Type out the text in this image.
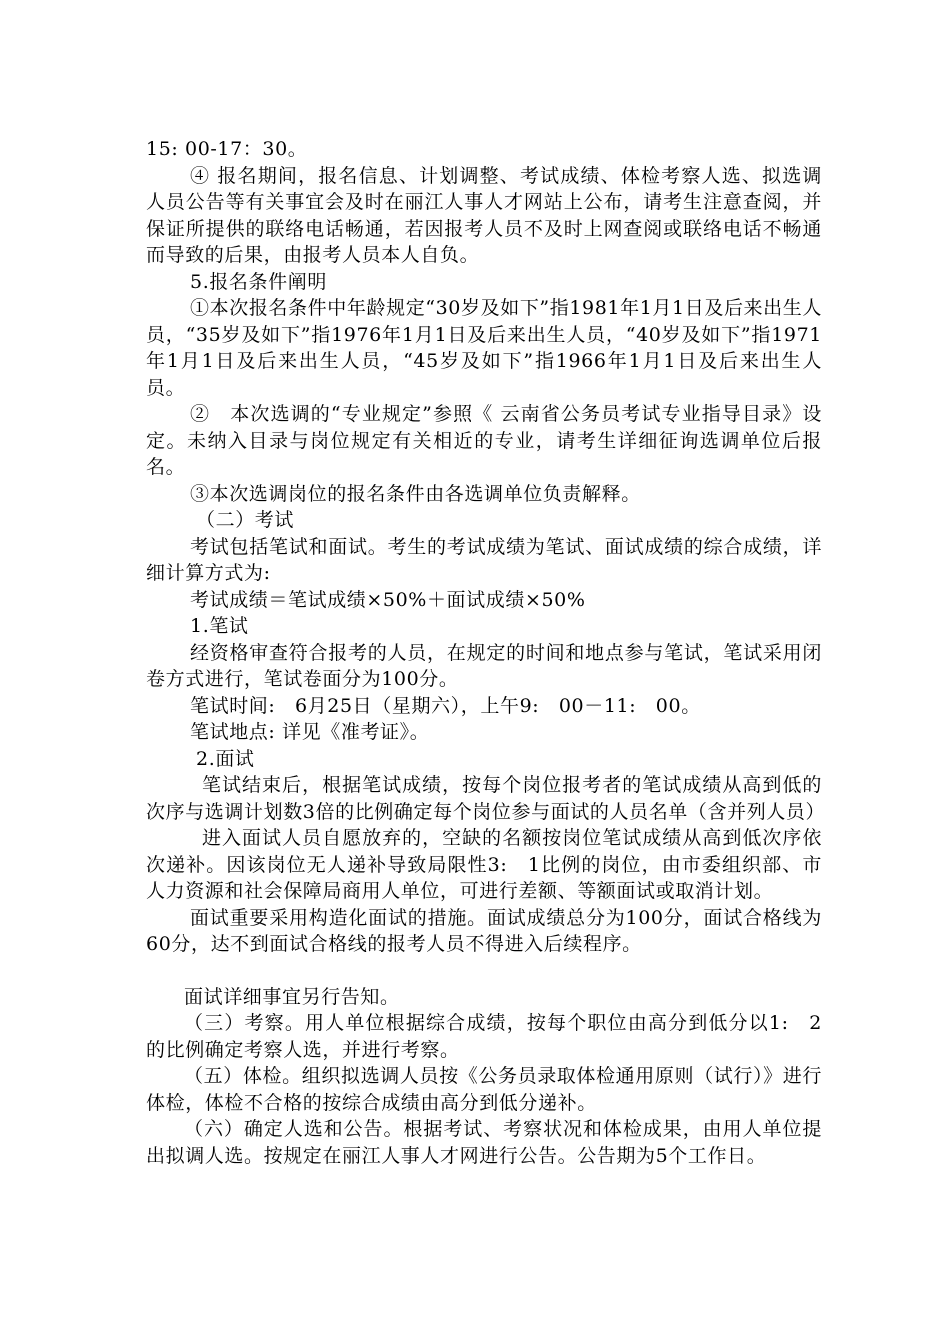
15: 00-17：30。

④ 报名期间，报名信息、计划调整、考试成绩、体检考察人选、拟选调人员公告等有关事宜会及时在丽江人事人才网站上公布，请考生注意查阅，并保证所提供的联络电话畅通，若因报考人员不及时上网查阅或联络电话不畅通而导致的后果，由报考人员本人自负。

5.报名条件阐明

①本次报名条件中年龄规定“30岁及如下”指1981年1月1日及后来出生人员，“35岁及如下”指1976年1月1日及后来出生人员，“40岁及如下”指1971年1月1日及后来出生人员，“45岁及如下”指1966年1月1日及后来出生人员。

②　本次选调的“专业规定”参照《 云南省公务员考试专业指导目录》设定。未纳入目录与岗位规定有关相近的专业，请考生详细征询选调单位后报名。

③本次选调岗位的报名条件由各选调单位负责解释。

（二）考试

考试包括笔试和面试。考生的考试成绩为笔试、面试成绩的综合成绩，详细计算方式为:

考试成绩＝笔试成绩×50%＋面试成绩×50%

1.笔试

经资格审查符合报考的人员，在规定的时间和地点参与笔试，笔试采用闭卷方式进行，笔试卷面分为100分。

笔试时间:　6月25日（星期六），上午9:　00－11:　00。

笔试地点: 详见《准考证》。

2.面试

笔试结束后，根据笔试成绩，按每个岗位报考者的笔试成绩从高到低的次序与选调计划数3倍的比例确定每个岗位参与面试的人员名单（含并列人员）

进入面试人员自愿放弃的，空缺的名额按岗位笔试成绩从高到低次序依次递补。因该岗位无人递补导致局限性3:　1比例的岗位，由市委组织部、市人力资源和社会保障局商用人单位，可进行差额、等额面试或取消计划。

面试重要采用构造化面试的措施。面试成绩总分为100分，面试合格线为60分，达不到面试合格线的报考人员不得进入后续程序。

面试详细事宜另行告知。

（三）考察。用人单位根据综合成绩，按每个职位由高分到低分以1:　2的比例确定考察人选，并进行考察。

（五）体检。组织拟选调人员按《公务员录取体检通用原则（试行）》进行体检，体检不合格的按综合成绩由高分到低分递补。

（六）确定人选和公告。根据考试、考察状况和体检成果，由用人单位提出拟调人选。按规定在丽江人事人才网进行公告。公告期为5个工作日。
